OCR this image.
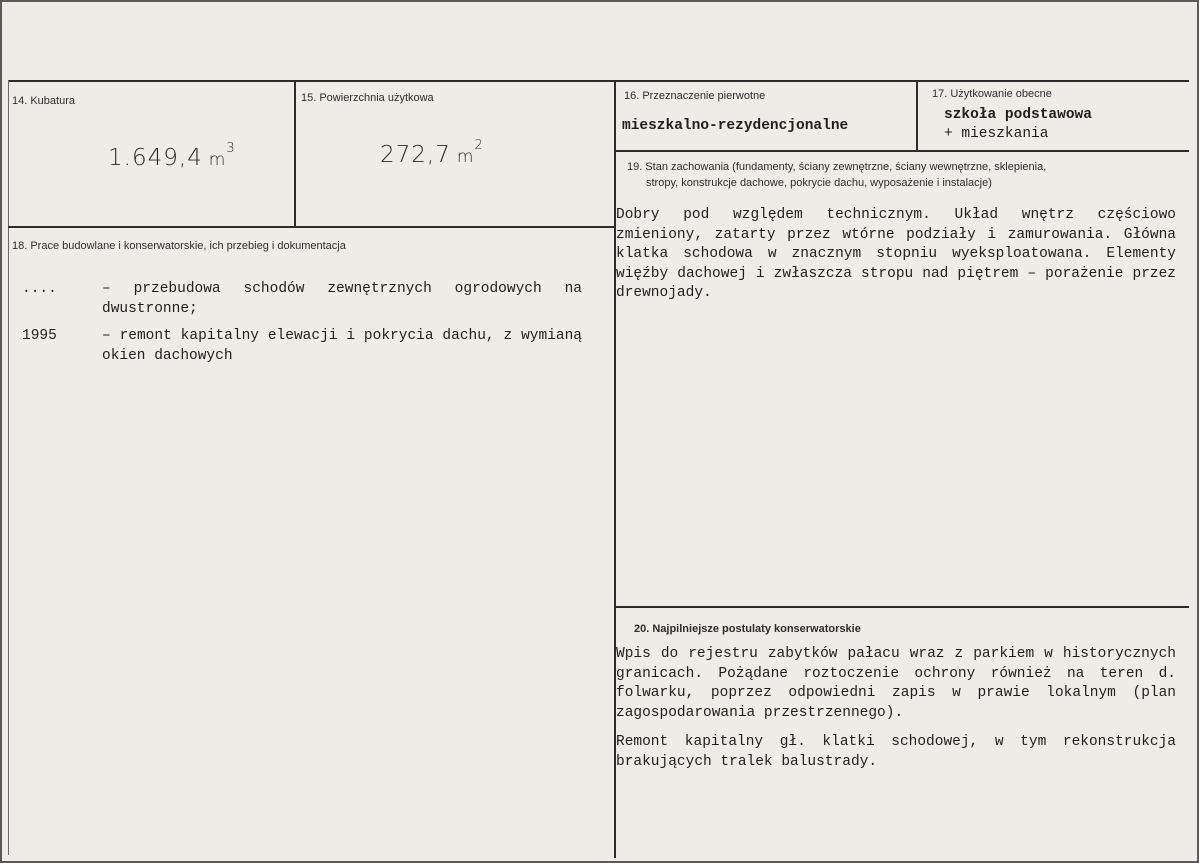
14. Kubatura
1.649,4 $m^3$
15. Powierzchnia użytkowa
272,7 $m^2$
16. Przeznaczenie pierwotne
mieszkalno-rezydencjonalne
17. Użytkowanie obecne
szkoła podstawowa
+ mieszkania
18. Prace budowlane i konserwatorskie, ich przebieg i dokumentacja
....	– przebudowa schodów zewnętrznych ogrodowych na dwustronne;
1995	– remont kapitalny elewacji i pokrycia dachu, z wymianą okien dachowych
19. Stan zachowania (fundamenty, ściany zewnętrzne, ściany wewnętrzne, sklepienia,
stropy, konstrukcje dachowe, pokrycie dachu, wyposażenie i instalacje)
Dobry pod względem technicznym. Układ wnętrz częściowo zmieniony, zatarty przez wtórne podziały i zamurowania. Główna klatka schodowa w znacznym stopniu wyeksploatowana. Elementy więźby dachowej i zwłaszcza stropu nad piętrem – porażenie przez drewnojady.
20. Najpilniejsze postulaty konserwatorskie
Wpis do rejestru zabytków pałacu wraz z parkiem w historycznych granicach. Pożądane roztoczenie ochrony również na teren d. folwarku, poprzez odpowiedni zapis w prawie lokalnym (plan zagospodarowania przestrzennego).
Remont kapitalny gł. klatki schodowej, w tym rekonstrukcja brakujących tralek balustrady.
